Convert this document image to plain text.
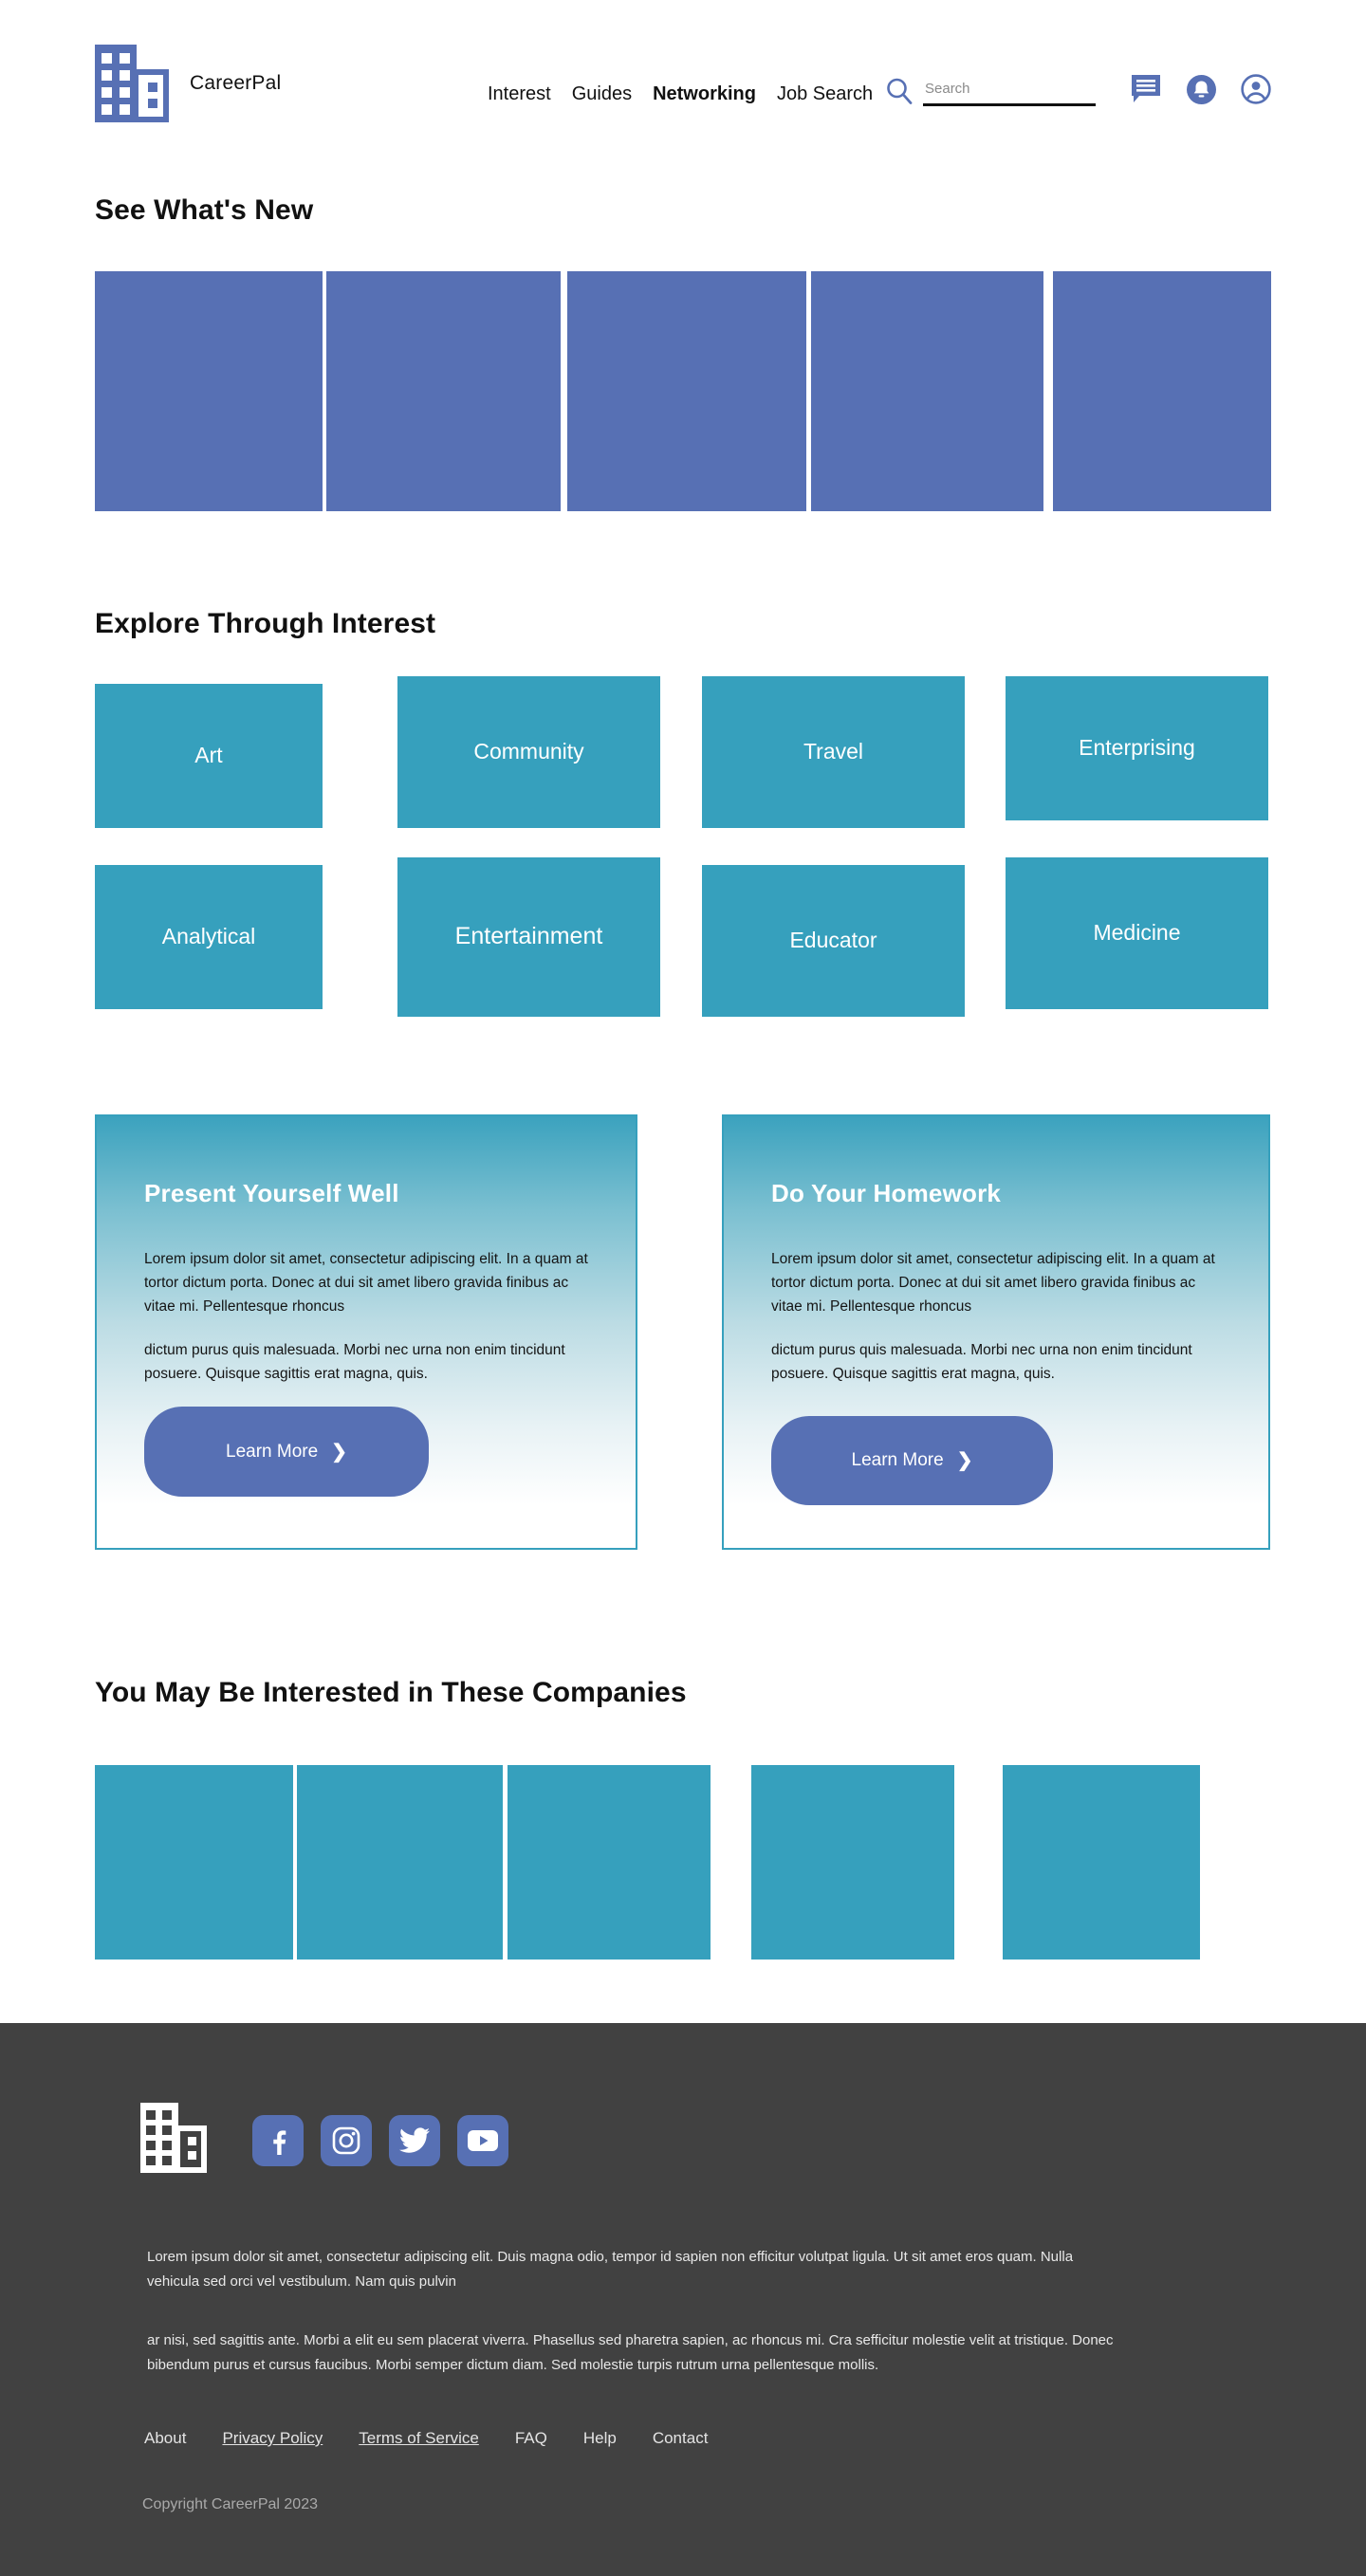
CareerPal
Interest Guides Networking Job Search
Search
See What's New
Explore Through Interest
Art	Community	Travel	Enterprising
Analytical	Entertainment	Educator	Medicine
Present Yourself Well

Lorem ipsum dolor sit amet, consectetur adipiscing elit. In a quam at tortor dictum porta. Donec at dui sit amet libero gravida finibus ac vitae mi. Pellentesque rhoncus

dictum purus quis malesuada. Morbi nec urna non enim tincidunt posuere. Quisque sagittis erat magna, quis.

Learn More ❯
Do Your Homework

Lorem ipsum dolor sit amet, consectetur adipiscing elit. In a quam at tortor dictum porta. Donec at dui sit amet libero gravida finibus ac vitae mi. Pellentesque rhoncus

dictum purus quis malesuada. Morbi nec urna non enim tincidunt posuere. Quisque sagittis erat magna, quis.

Learn More ❯
You May Be Interested in These Companies
Lorem ipsum dolor sit amet, consectetur adipiscing elit. Duis magna odio, tempor id sapien non efficitur volutpat ligula. Ut sit amet eros quam. Nulla vehicula sed orci vel vestibulum. Nam quis pulvin
ar nisi, sed sagittis ante. Morbi a elit eu sem placerat viverra. Phasellus sed pharetra sapien, ac rhoncus mi. Cra sefficitur molestie velit at tristique. Donec bibendum purus et cursus faucibus. Morbi semper dictum diam. Sed molestie turpis rutrum urna pellentesque mollis.
About Privacy Policy Terms of Service FAQ Help Contact
Copyright CareerPal 2023
